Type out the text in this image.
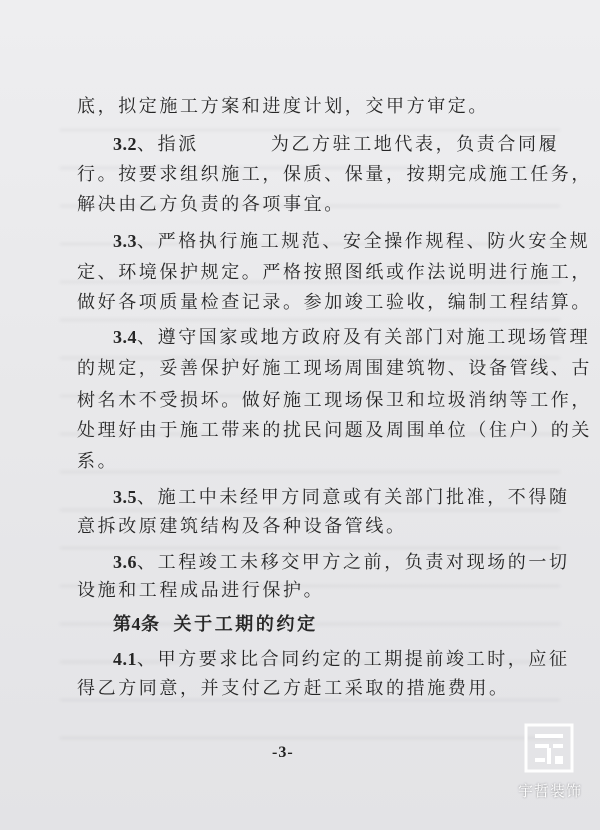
底，拟定施工方案和进度计划，交甲方审定。
3.2、指派	为乙方驻工地代表，负责合同履
行。按要求组织施工，保质、保量，按期完成施工任务，
解决由乙方负责的各项事宜。
3.3、严格执行施工规范、安全操作规程、防火安全规
定、环境保护规定。严格按照图纸或作法说明进行施工，
做好各项质量检查记录。参加竣工验收，编制工程结算。
3.4、遵守国家或地方政府及有关部门对施工现场管理
的规定，妥善保护好施工现场周围建筑物、设备管线、古
树名木不受损坏。做好施工现场保卫和垃圾消纳等工作，
处理好由于施工带来的扰民问题及周围单位（住户）的关
系。
3.5、施工中未经甲方同意或有关部门批准，不得随
意拆改原建筑结构及各种设备管线。
3.6、工程竣工未移交甲方之前，负责对现场的一切
设施和工程成品进行保护。
第4条 关于工期的约定
4.1、甲方要求比合同约定的工期提前竣工时，应征
得乙方同意，并支付乙方赶工采取的措施费用。
-3-
宇哲装饰
